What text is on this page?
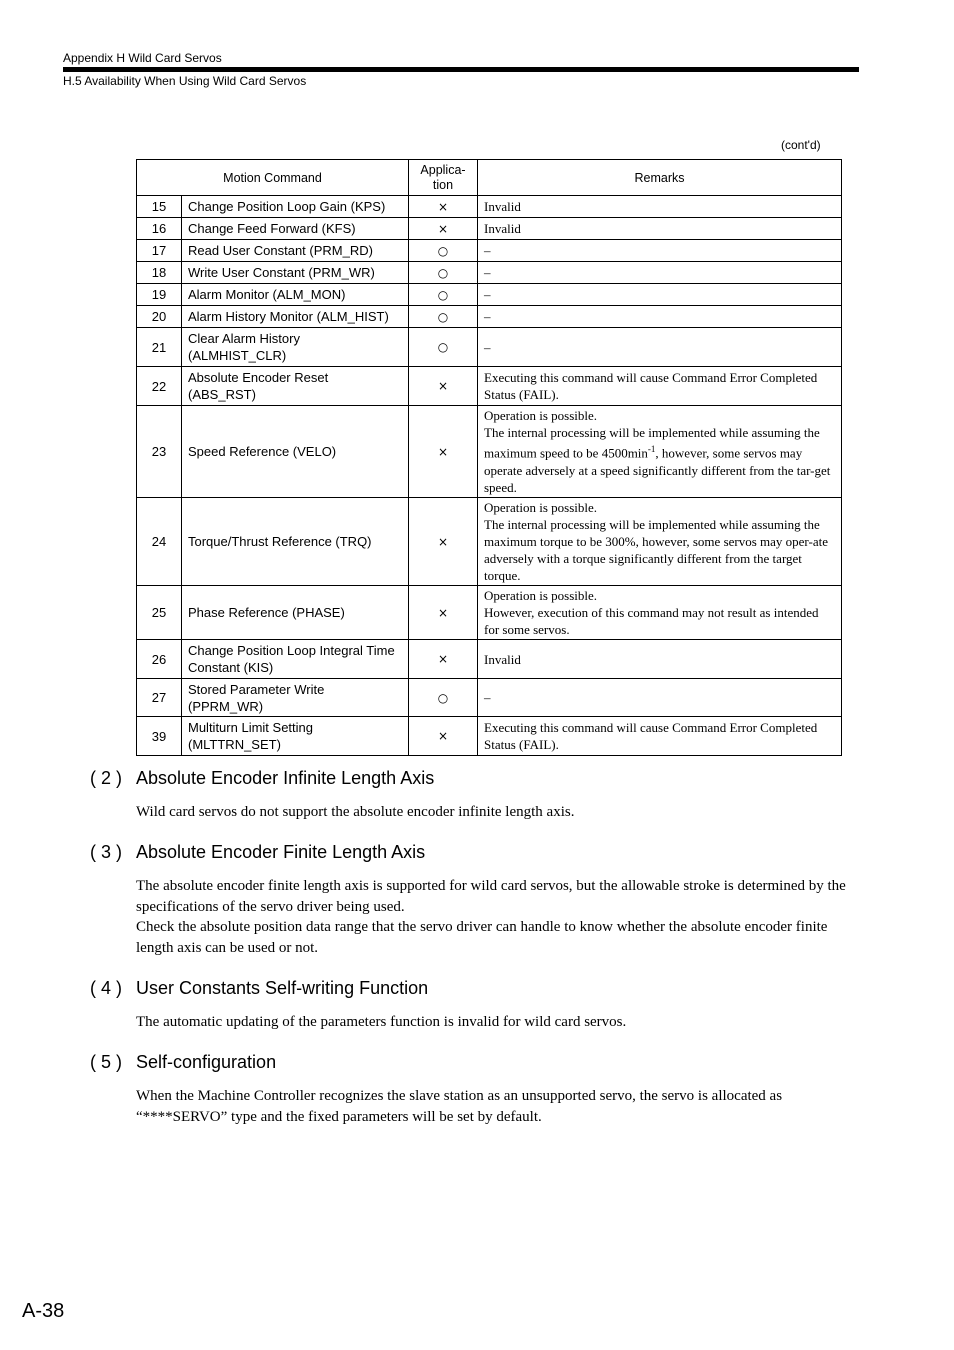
Appendix H Wild Card Servos
H.5 Availability When Using Wild Card Servos
(cont'd)
Motion Command		Applica-
tion	Remarks
15	Change Position Loop Gain (KPS)	×	Invalid
16	Change Feed Forward (KFS)	×	Invalid
17	Read User Constant (PRM_RD)	○	–
18	Write User Constant (PRM_WR)	○	–
19	Alarm Monitor (ALM_MON)	○	–
20	Alarm History Monitor (ALM_HIST)	○	–
21	Clear Alarm History
(ALMHIST_CLR)	○	–
22	Absolute Encoder Reset
(ABS_RST)	×	Executing this command will cause Command Error Completed Status (FAIL).
23	Speed Reference (VELO)	×	Operation is possible.
The internal processing will be implemented while assuming the maximum speed to be $4500\min^{-1}$, however, some servos may operate adversely at a speed significantly different from the tar-get speed.
24	Torque/Thrust Reference (TRQ)	×	Operation is possible.
The internal processing will be implemented while assuming the maximum torque to be 300%, however, some servos may oper-ate adversely with a torque significantly different from the target torque.
25	Phase Reference (PHASE)	×	Operation is possible.
However, execution of this command may not result as intended for some servos.
26	Change Position Loop Integral Time Constant (KIS)	×	Invalid
27	Stored Parameter Write
(PPRM_WR)	○	–
39	Multiturn Limit Setting
(MLTTRN_SET)	×	Executing this command will cause Command Error Completed Status (FAIL).
( 2 ) Absolute Encoder Infinite Length Axis
Wild card servos do not support the absolute encoder infinite length axis.
( 3 ) Absolute Encoder Finite Length Axis
The absolute encoder finite length axis is supported for wild card servos, but the allowable stroke is determined by the specifications of the servo driver being used.
Check the absolute position data range that the servo driver can handle to know whether the absolute encoder finite length axis can be used or not.
( 4 ) User Constants Self-writing Function
The automatic updating of the parameters function is invalid for wild card servos.
( 5 ) Self-configuration
When the Machine Controller recognizes the slave station as an unsupported servo, the servo is allocated as “****SERVO” type and the fixed parameters will be set by default.
A-38
